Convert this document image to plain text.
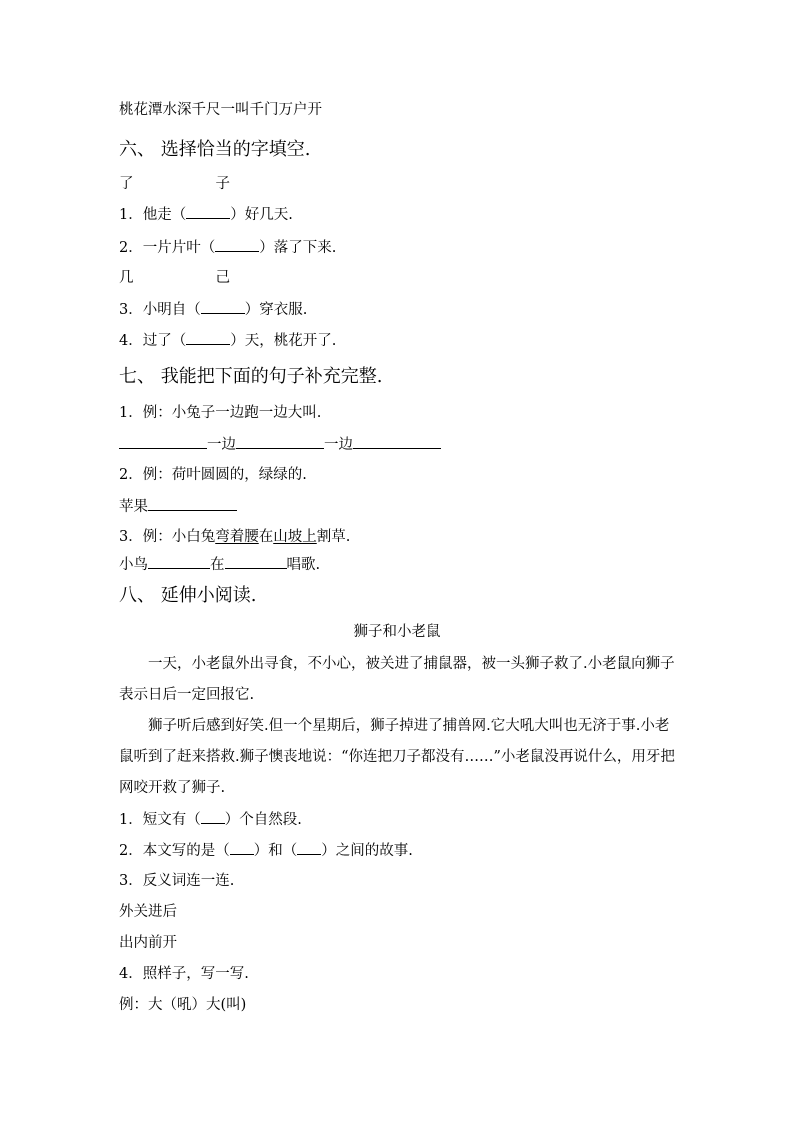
桃花潭水深千尺一叫千门万户开
六、 选择恰当的字填空.
了	子
1．他走（	）好几天.
2．一片片叶（	）落了下来.
几	己
3．小明自（	）穿衣服.
4．过了（	）天，桃花开了.
七、 我能把下面的句子补充完整.
1．例：小兔子一边跑一边大叫.
一边	一边
2．例：荷叶圆圆的，绿绿的.
苹果
3．例：小白兔弯着腰在山坡上割草.
小鸟	在	唱歌.
八、 延伸小阅读.
狮子和小老鼠
一天，小老鼠外出寻食，不小心，被关进了捕鼠器，被一头狮子救了.小老鼠向狮子表示日后一定回报它.
狮子听后感到好笑.但一个星期后，狮子掉进了捕兽网.它大吼大叫也无济于事.小老鼠听到了赶来搭救.狮子懊丧地说：“你连把刀子都没有……”小老鼠没再说什么，用牙把网咬开救了狮子.
1．短文有（ ）个自然段.
2．本文写的是（ ）和（ ）之间的故事.
3．反义词连一连.
外关进后
出内前开
4．照样子，写一写.
例：大（吼）大(叫)
